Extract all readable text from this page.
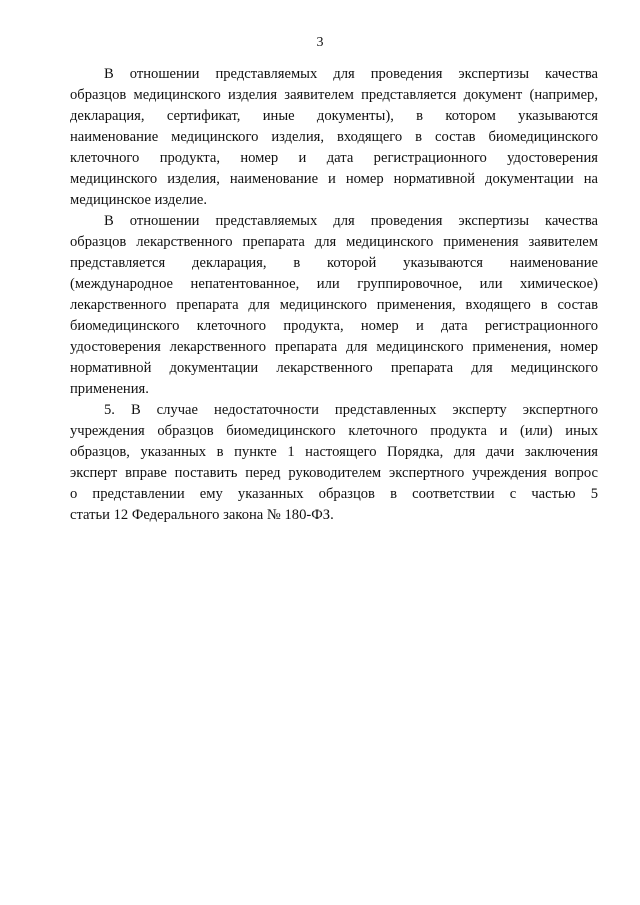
3

В отношении представляемых для проведения экспертизы качества
образцов медицинского изделия заявителем представляется документ (например,
декларация, сертификат, иные документы), в котором указываются
наименование медицинского изделия, входящего в состав биомедицинского
клеточного продукта, номер и дата регистрационного удостоверения
медицинского изделия, наименование и номер нормативной документации на
медицинское изделие.

В отношении представляемых для проведения экспертизы качества
образцов лекарственного препарата для медицинского применения заявителем
представляется декларация, в которой указываются наименование
(международное непатентованное, или группировочное, или химическое)
лекарственного препарата для медицинского применения, входящего в состав
биомедицинского клеточного продукта, номер и дата регистрационного
удостоверения лекарственного препарата для медицинского применения, номер
нормативной документации лекарственного препарата для медицинского
применения.

5. В случае недостаточности представленных эксперту экспертного
учреждения образцов биомедицинского клеточного продукта и (или) иных
образцов, указанных в пункте 1 настоящего Порядка, для дачи заключения
эксперт вправе поставить перед руководителем экспертного учреждения вопрос
о представлении ему указанных образцов в соответствии с частью 5
статьи 12 Федерального закона № 180-ФЗ.
